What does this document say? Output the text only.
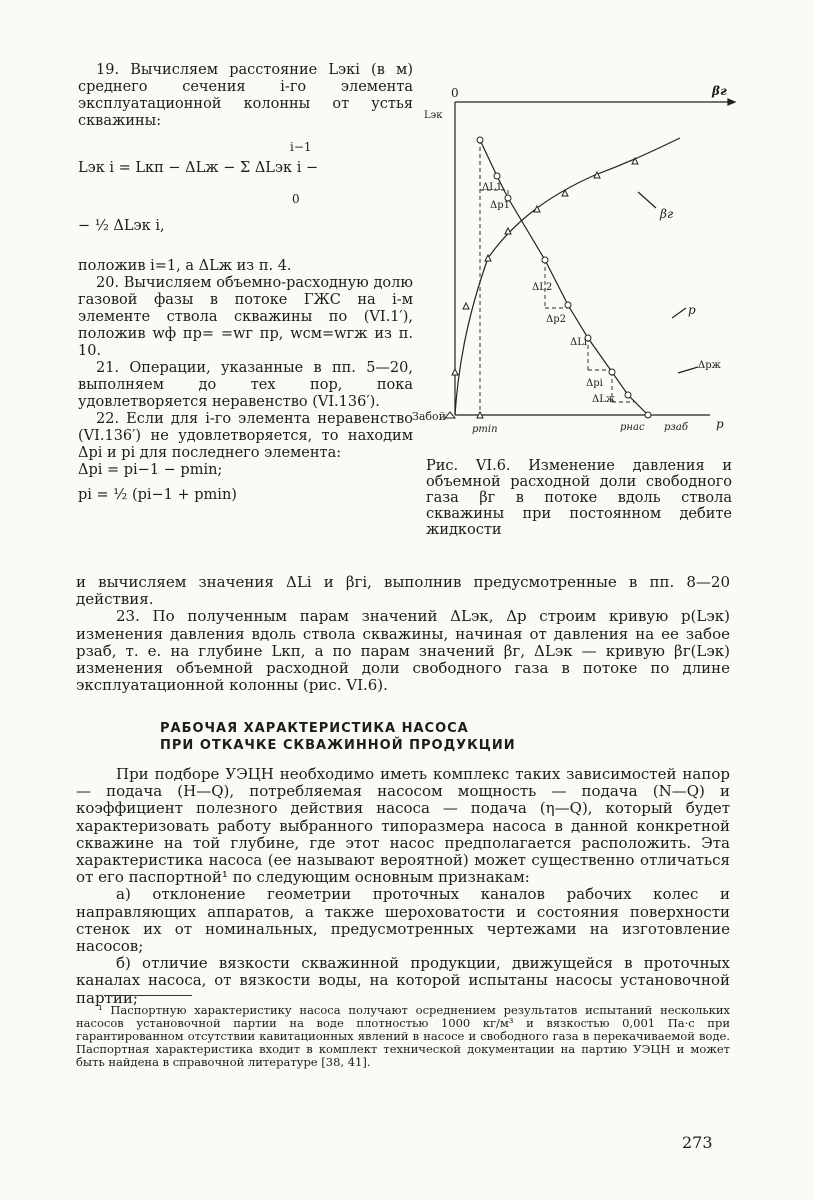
19. Вычисляем расстояние Lэкi (в м) среднего сечения i-го элемента эксплуатационной колонны от устья скважины:

i−1
Lэк i = Lкп − ΔLж − Σ ΔLэк i −
0
− ½ ΔLэк i,

положив i=1, а ΔLж из п. 4.

20. Вычисляем объемно-расходную долю газовой фазы в потоке ГЖС на i-м элементе ствола скважины по (VI.1′), положив wф пр= =wг пр, wсм=wгж из п. 10.

21. Операции, указанные в пп. 5—20, выполняем до тех пор, пока удовлетворяется неравенство (VI.136′).

22. Если для i-го элемента неравенство (VI.136′) не удовлетворяется, то находим Δpi и pi для последнего элемента:

Δpi = pi−1 − pmin;

pi = ½ (pi−1 + pmin)

0	βг
Lэк
Забой
p
pmin	pнас pзаб
βг
p
ΔL1
Δp1
ΔL2
Δp2
ΔLi
Δpi
ΔLж
Δpж
Рис. VI.6. Изменение давления и объемной расходной доли свободного газа βг в потоке вдоль ствола скважины при постоянном дебите жидкости

и вычисляем значения ΔLi и βгi, выполнив предусмотренные в пп. 8—20 действия.

23. По полученным парам значений ΔLэк, Δp строим кривую p(Lэк) изменения давления вдоль ствола скважины, начиная от давления на ее забое pзаб, т. е. на глубине Lкп, а по парам значений βг, ΔLэк — кривую βг(Lэк) изменения объемной расходной доли свободного газа в потоке по длине эксплуатационной колонны (рис. VI.6).

РАБОЧАЯ ХАРАКТЕРИСТИКА НАСОСА
ПРИ ОТКАЧКЕ СКВАЖИННОЙ ПРОДУКЦИИ

При подборе УЭЦН необходимо иметь комплекс таких зависимостей напор — подача (H—Q), потребляемая насосом мощность — подача (N—Q) и коэффициент полезного действия насоса — подача (η—Q), который будет характеризовать работу выбранного типоразмера насоса в данной конкретной скважине на той глубине, где этот насос предполагается расположить. Эта характеристика насоса (ее называют вероятной) может существенно отличаться от его паспортной¹ по следующим основным признакам:

а) отклонение геометрии проточных каналов рабочих колес и направляющих аппаратов, а также шероховатости и состояния поверхности стенок их от номинальных, предусмотренных чертежами на изготовление насосов;

б) отличие вязкости скважинной продукции, движущейся в проточных каналах насоса, от вязкости воды, на которой испытаны насосы установочной партии;

¹ Паспортную характеристику насоса получают осреднением результатов испытаний нескольких насосов установочной партии на воде плотностью 1000 кг/м³ и вязкостью 0,001 Па·с при гарантированном отсутствии кавитационных явлений в насосе и свободного газа в перекачиваемой воде. Паспортная характеристика входит в комплект технической документации на партию УЭЦН и может быть найдена в справочной литературе [38, 41].

273
